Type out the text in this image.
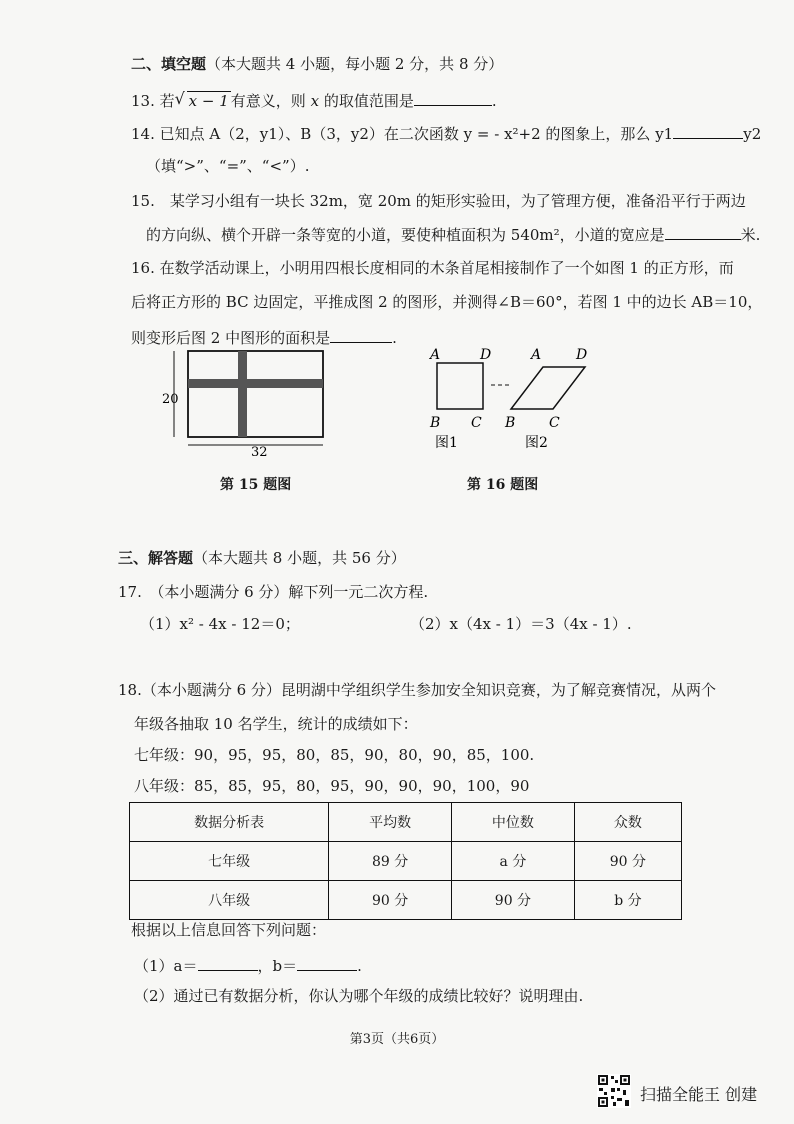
二、填空题（本大题共 4 小题，每小题 2 分，共 8 分）
13. 若 √ x − 1 有意义，则 x 的取值范围是	.
14. 已知点 A（2，y1）、B（3，y2）在二次函数 y = - x²+2 的图象上，那么 y1	y2
（填“>”、“=”、“<”）.
15.　某学习小组有一块长 32m，宽 20m 的矩形实验田，为了管理方便，准备沿平行于两边
的方向纵、横个开辟一条等宽的小道，要使种植面积为 540m²，小道的宽应是	米.
16. 在数学活动课上，小明用四根长度相同的木条首尾相接制作了一个如图 1 的正方形，而
后将正方形的 BC 边固定，平推成图 2 的图形，并测得∠B＝60°，若图 1 中的边长 AB＝10，
则变形后图 2 中图形的面积是	.
20
32
第 15 题图
A	D
B C
A D
B C
图1	图2
第 16 题图
三、解答题（本大题共 8 小题，共 56 分）
17.　（本小题满分 6 分）解下列一元二次方程.
（1）x² - 4x - 12＝0；	（2）x（4x - 1）＝3（4x - 1）.
18.（本小题满分 6 分）昆明湖中学组织学生参加安全知识竞赛，为了解竞赛情况，从两个
年级各抽取 10 名学生，统计的成绩如下：
七年级：90，95，95，80，85，90，80，90，85，100.
八年级：85，85，95，80，95，90，90，90，100，90
数据分析表	平均数	中位数	众数
七年级	89 分	a 分	90 分
八年级	90 分	90 分	b 分
根据以上信息回答下列问题：
（1）a＝	，b＝	.
（2）通过已有数据分析，你认为哪个年级的成绩比较好？说明理由.
第3页（共6页）
扫描全能王 创建
